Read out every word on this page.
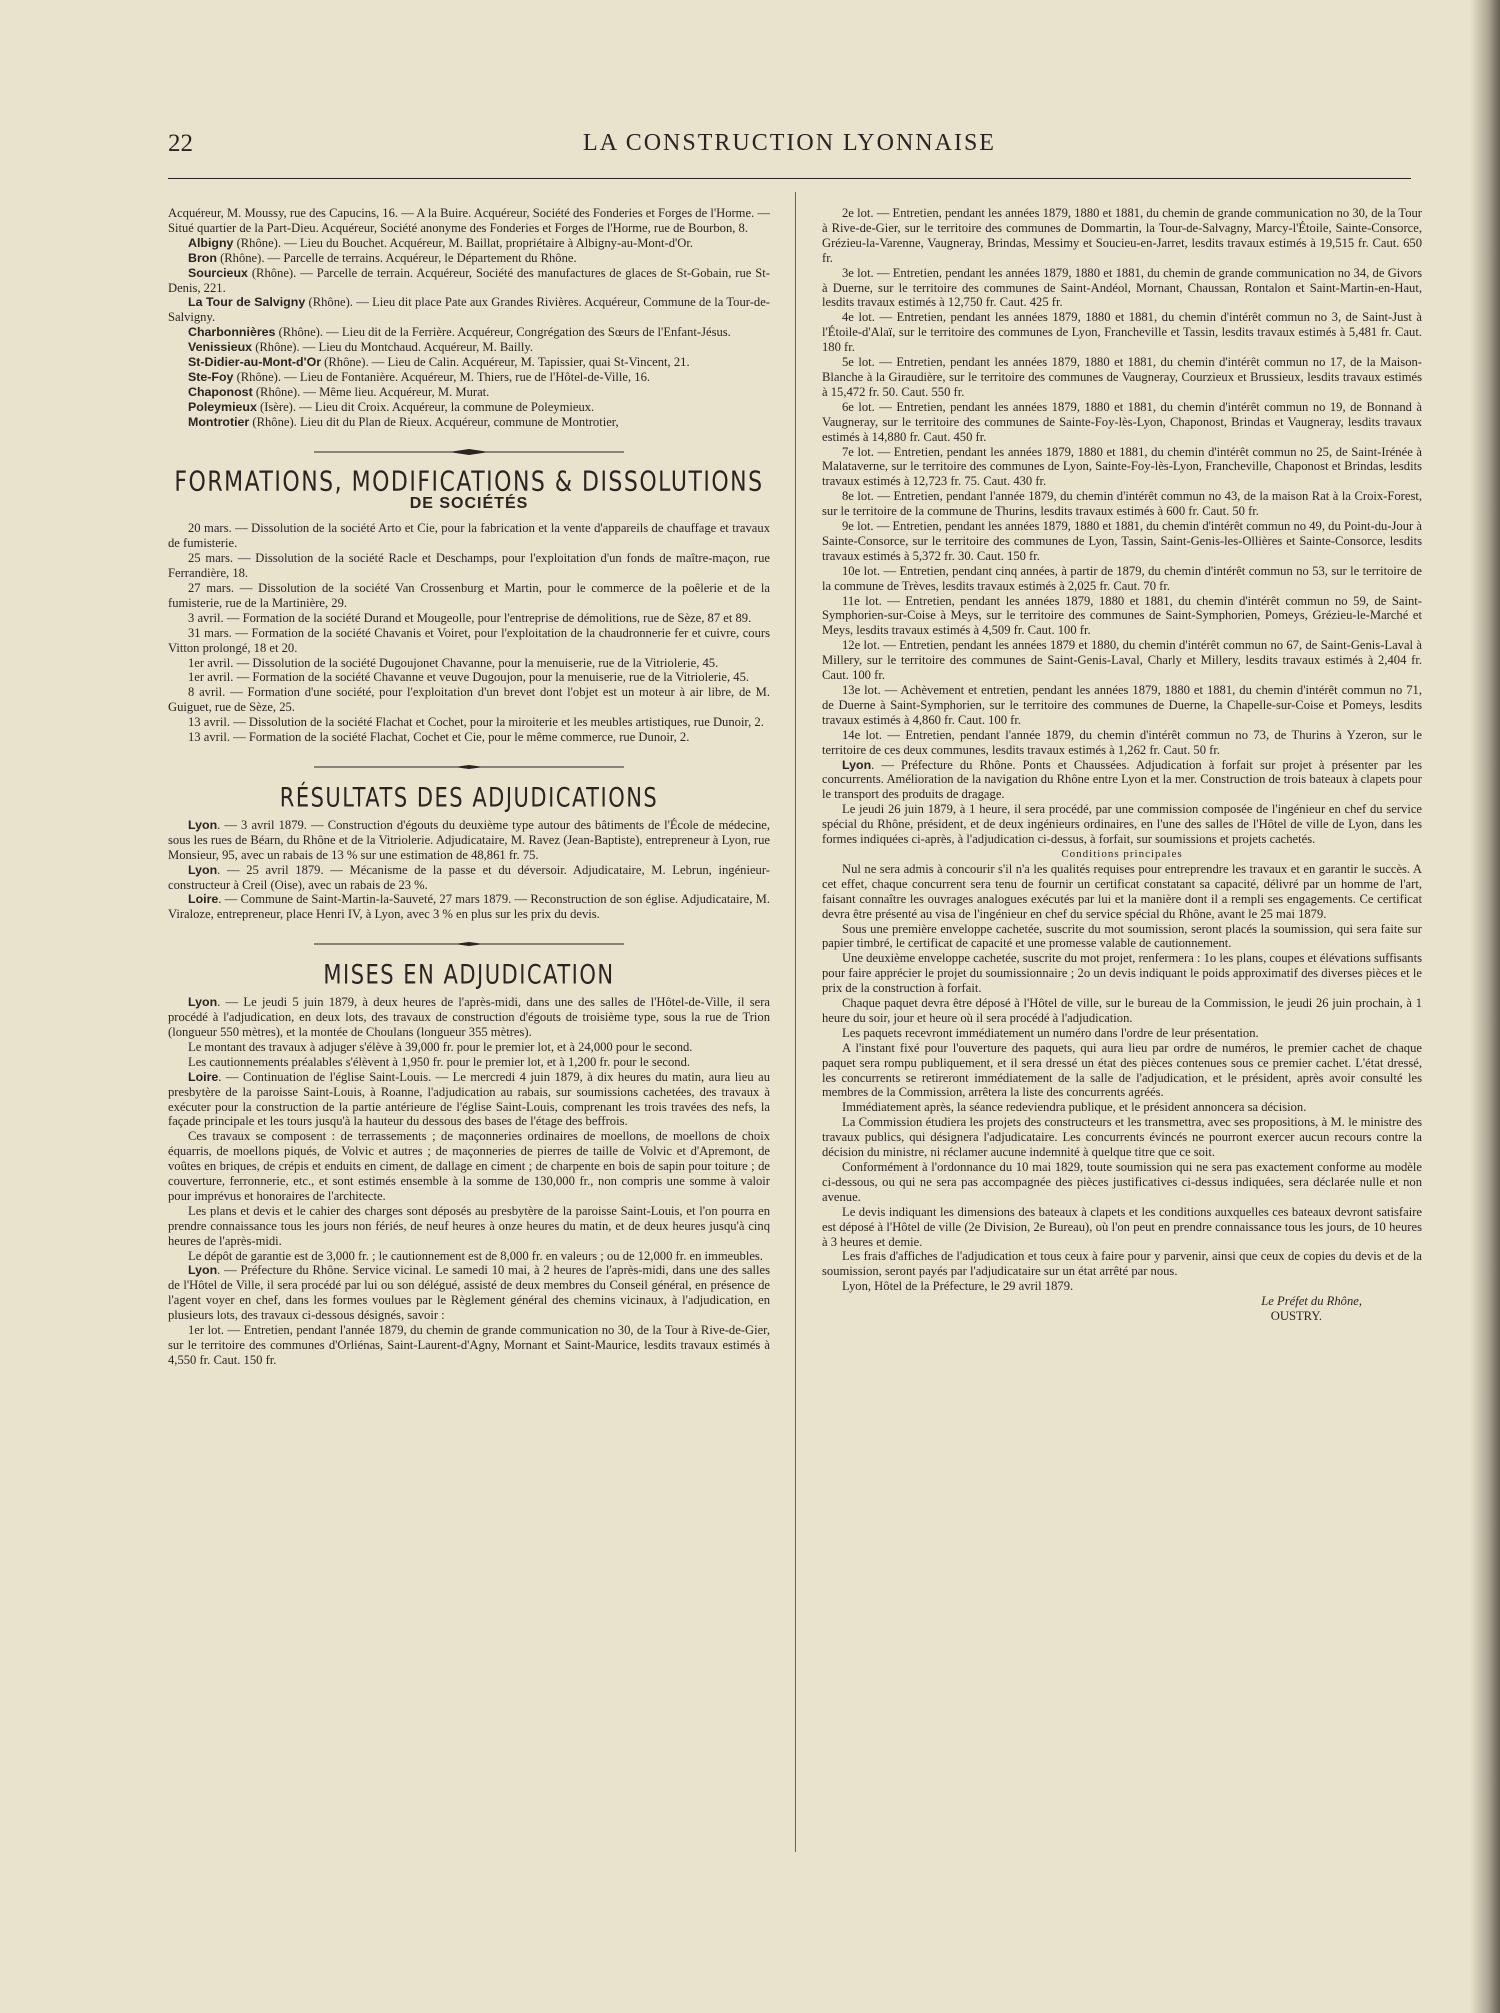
22	LA CONSTRUCTION LYONNAISE

Acquéreur, M. Moussy, rue des Capucins, 16. — A la Buire. Acquéreur, Société des Fonderies et Forges de l'Horme. — Situé quartier de la Part-Dieu. Acquéreur, Société anonyme des Fonderies et Forges de l'Horme, rue de Bourbon, 8.

Albigny (Rhône). — Lieu du Bouchet. Acquéreur, M. Baillat, propriétaire à Albigny-au-Mont-d'Or.

Bron (Rhône). — Parcelle de terrains. Acquéreur, le Département du Rhône.

Sourcieux (Rhône). — Parcelle de terrain. Acquéreur, Société des manufactures de glaces de St-Gobain, rue St-Denis, 221.

La Tour de Salvigny (Rhône). — Lieu dit place Pate aux Grandes Rivières. Acquéreur, Commune de la Tour-de-Salvigny.

Charbonnières (Rhône). — Lieu dit de la Ferrière. Acquéreur, Congrégation des Sœurs de l'Enfant-Jésus.

Venissieux (Rhône). — Lieu du Montchaud. Acquéreur, M. Bailly.

St-Didier-au-Mont-d'Or (Rhône). — Lieu de Calin. Acquéreur, M. Tapissier, quai St-Vincent, 21.

Ste-Foy (Rhône). — Lieu de Fontanière. Acquéreur, M. Thiers, rue de l'Hôtel-de-Ville, 16.

Chaponost (Rhône). — Même lieu. Acquéreur, M. Murat.

Poleymieux (Isère). — Lieu dit Croix. Acquéreur, la commune de Poleymieux.

Montrotier (Rhône). Lieu dit du Plan de Rieux. Acquéreur, commune de Montrotier,

FORMATIONS, MODIFICATIONS & DISSOLUTIONS
DE SOCIÉTÉS

20 mars. — Dissolution de la société Arto et Cie, pour la fabrication et la vente d'appareils de chauffage et travaux de fumisterie.

25 mars. — Dissolution de la société Racle et Deschamps, pour l'exploitation d'un fonds de maître-maçon, rue Ferrandière, 18.

27 mars. — Dissolution de la société Van Crossenburg et Martin, pour le commerce de la poêlerie et de la fumisterie, rue de la Martinière, 29.

3 avril. — Formation de la société Durand et Mougeolle, pour l'entreprise de démolitions, rue de Sèze, 87 et 89.

31 mars. — Formation de la société Chavanis et Voiret, pour l'exploitation de la chaudronnerie fer et cuivre, cours Vitton prolongé, 18 et 20.

1er avril. — Dissolution de la société Dugoujonet Chavanne, pour la menuiserie, rue de la Vitriolerie, 45.

1er avril. — Formation de la société Chavanne et veuve Dugoujon, pour la menuiserie, rue de la Vitriolerie, 45.

8 avril. — Formation d'une société, pour l'exploitation d'un brevet dont l'objet est un moteur à air libre, de M. Guiguet, rue de Sèze, 25.

13 avril. — Dissolution de la société Flachat et Cochet, pour la miroiterie et les meubles artistiques, rue Dunoir, 2.

13 avril. — Formation de la société Flachat, Cochet et Cie, pour le même commerce, rue Dunoir, 2.

RÉSULTATS DES ADJUDICATIONS

Lyon. — 3 avril 1879. — Construction d'égouts du deuxième type autour des bâtiments de l'École de médecine, sous les rues de Béarn, du Rhône et de la Vitriolerie. Adjudicataire, M. Ravez (Jean-Baptiste), entrepreneur à Lyon, rue Monsieur, 95, avec un rabais de 13 % sur une estimation de 48,861 fr. 75.

Lyon. — 25 avril 1879. — Mécanisme de la passe et du déversoir. Adjudicataire, M. Lebrun, ingénieur-constructeur à Creil (Oise), avec un rabais de 23 %.

Loire. — Commune de Saint-Martin-la-Sauveté, 27 mars 1879. — Reconstruction de son église. Adjudicataire, M. Viraloze, entrepreneur, place Henri IV, à Lyon, avec 3 % en plus sur les prix du devis.

MISES EN ADJUDICATION

Lyon. — Le jeudi 5 juin 1879, à deux heures de l'après-midi, dans une des salles de l'Hôtel-de-Ville, il sera procédé à l'adjudication, en deux lots, des travaux de construction d'égouts de troisième type, sous la rue de Trion (longueur 550 mètres), et la montée de Choulans (longueur 355 mètres).

Le montant des travaux à adjuger s'élève à 39,000 fr. pour le premier lot, et à 24,000 pour le second.

Les cautionnements préalables s'élèvent à 1,950 fr. pour le premier lot, et à 1,200 fr. pour le second.

Loire. — Continuation de l'église Saint-Louis. — Le mercredi 4 juin 1879, à dix heures du matin, aura lieu au presbytère de la paroisse Saint-Louis, à Roanne, l'adjudication au rabais, sur soumissions cachetées, des travaux à exécuter pour la construction de la partie antérieure de l'église Saint-Louis, comprenant les trois travées des nefs, la façade principale et les tours jusqu'à la hauteur du dessous des bases de l'étage des beffrois.

Ces travaux se composent : de terrassements ; de maçonneries ordinaires de moellons, de moellons de choix équarris, de moellons piqués, de Volvic et autres ; de maçonneries de pierres de taille de Volvic et d'Apremont, de voûtes en briques, de crépis et enduits en ciment, de dallage en ciment ; de charpente en bois de sapin pour toiture ; de couverture, ferronnerie, etc., et sont estimés ensemble à la somme de 130,000 fr., non compris une somme à valoir pour imprévus et honoraires de l'architecte.

Les plans et devis et le cahier des charges sont déposés au presbytère de la paroisse Saint-Louis, et l'on pourra en prendre connaissance tous les jours non fériés, de neuf heures à onze heures du matin, et de deux heures jusqu'à cinq heures de l'après-midi.

Le dépôt de garantie est de 3,000 fr. ; le cautionnement est de 8,000 fr. en valeurs ; ou de 12,000 fr. en immeubles.

Lyon. — Préfecture du Rhône. Service vicinal. Le samedi 10 mai, à 2 heures de l'après-midi, dans une des salles de l'Hôtel de Ville, il sera procédé par lui ou son délégué, assisté de deux membres du Conseil général, en présence de l'agent voyer en chef, dans les formes voulues par le Règlement général des chemins vicinaux, à l'adjudication, en plusieurs lots, des travaux ci-dessous désignés, savoir :

1er lot. — Entretien, pendant l'année 1879, du chemin de grande communication no 30, de la Tour à Rive-de-Gier, sur le territoire des communes d'Orliénas, Saint-Laurent-d'Agny, Mornant et Saint-Maurice, lesdits travaux estimés à 4,550 fr. Caut. 150 fr.

2e lot. — Entretien, pendant les années 1879, 1880 et 1881, du chemin de grande communication no 30, de la Tour à Rive-de-Gier, sur le territoire des communes de Dommartin, la Tour-de-Salvagny, Marcy-l'Étoile, Sainte-Consorce, Grézieu-la-Varenne, Vaugneray, Brindas, Messimy et Soucieu-en-Jarret, lesdits travaux estimés à 19,515 fr. Caut. 650 fr.

3e lot. — Entretien, pendant les années 1879, 1880 et 1881, du chemin de grande communication no 34, de Givors à Duerne, sur le territoire des communes de Saint-Andéol, Mornant, Chaussan, Rontalon et Saint-Martin-en-Haut, lesdits travaux estimés à 12,750 fr. Caut. 425 fr.

4e lot. — Entretien, pendant les années 1879, 1880 et 1881, du chemin d'intérêt commun no 3, de Saint-Just à l'Étoile-d'Alaï, sur le territoire des communes de Lyon, Francheville et Tassin, lesdits travaux estimés à 5,481 fr. Caut. 180 fr.

5e lot. — Entretien, pendant les années 1879, 1880 et 1881, du chemin d'intérêt commun no 17, de la Maison-Blanche à la Giraudière, sur le territoire des communes de Vaugneray, Courzieux et Brussieux, lesdits travaux estimés à 15,472 fr. 50. Caut. 550 fr.

6e lot. — Entretien, pendant les années 1879, 1880 et 1881, du chemin d'intérêt commun no 19, de Bonnand à Vaugneray, sur le territoire des communes de Sainte-Foy-lès-Lyon, Chaponost, Brindas et Vaugneray, lesdits travaux estimés à 14,880 fr. Caut. 450 fr.

7e lot. — Entretien, pendant les années 1879, 1880 et 1881, du chemin d'intérêt commun no 25, de Saint-Irénée à Malataverne, sur le territoire des communes de Lyon, Sainte-Foy-lès-Lyon, Francheville, Chaponost et Brindas, lesdits travaux estimés à 12,723 fr. 75. Caut. 430 fr.

8e lot. — Entretien, pendant l'année 1879, du chemin d'intérêt commun no 43, de la maison Rat à la Croix-Forest, sur le territoire de la commune de Thurins, lesdits travaux estimés à 600 fr. Caut. 50 fr.

9e lot. — Entretien, pendant les années 1879, 1880 et 1881, du chemin d'intérêt commun no 49, du Point-du-Jour à Sainte-Consorce, sur le territoire des communes de Lyon, Tassin, Saint-Genis-les-Ollières et Sainte-Consorce, lesdits travaux estimés à 5,372 fr. 30. Caut. 150 fr.

10e lot. — Entretien, pendant cinq années, à partir de 1879, du chemin d'intérêt commun no 53, sur le territoire de la commune de Trèves, lesdits travaux estimés à 2,025 fr. Caut. 70 fr.

11e lot. — Entretien, pendant les années 1879, 1880 et 1881, du chemin d'intérêt commun no 59, de Saint-Symphorien-sur-Coise à Meys, sur le territoire des communes de Saint-Symphorien, Pomeys, Grézieu-le-Marché et Meys, lesdits travaux estimés à 4,509 fr. Caut. 100 fr.

12e lot. — Entretien, pendant les années 1879 et 1880, du chemin d'intérêt commun no 67, de Saint-Genis-Laval à Millery, sur le territoire des communes de Saint-Genis-Laval, Charly et Millery, lesdits travaux estimés à 2,404 fr. Caut. 100 fr.

13e lot. — Achèvement et entretien, pendant les années 1879, 1880 et 1881, du chemin d'intérêt commun no 71, de Duerne à Saint-Symphorien, sur le territoire des communes de Duerne, la Chapelle-sur-Coise et Pomeys, lesdits travaux estimés à 4,860 fr. Caut. 100 fr.

14e lot. — Entretien, pendant l'année 1879, du chemin d'intérêt commun no 73, de Thurins à Yzeron, sur le territoire de ces deux communes, lesdits travaux estimés à 1,262 fr. Caut. 50 fr.

Lyon. — Préfecture du Rhône. Ponts et Chaussées. Adjudication à forfait sur projet à présenter par les concurrents. Amélioration de la navigation du Rhône entre Lyon et la mer. Construction de trois bateaux à clapets pour le transport des produits de dragage.

Le jeudi 26 juin 1879, à 1 heure, il sera procédé, par une commission composée de l'ingénieur en chef du service spécial du Rhône, président, et de deux ingénieurs ordinaires, en l'une des salles de l'Hôtel de ville de Lyon, dans les formes indiquées ci-après, à l'adjudication ci-dessus, à forfait, sur soumissions et projets cachetés.

Conditions principales

Nul ne sera admis à concourir s'il n'a les qualités requises pour entreprendre les travaux et en garantir le succès. A cet effet, chaque concurrent sera tenu de fournir un certificat constatant sa capacité, délivré par un homme de l'art, faisant connaître les ouvrages analogues exécutés par lui et la manière dont il a rempli ses engagements. Ce certificat devra être présenté au visa de l'ingénieur en chef du service spécial du Rhône, avant le 25 mai 1879.

Sous une première enveloppe cachetée, suscrite du mot soumission, seront placés la soumission, qui sera faite sur papier timbré, le certificat de capacité et une promesse valable de cautionnement.

Une deuxième enveloppe cachetée, suscrite du mot projet, renfermera : 1o les plans, coupes et élévations suffisants pour faire apprécier le projet du soumissionnaire ; 2o un devis indiquant le poids approximatif des diverses pièces et le prix de la construction à forfait.

Chaque paquet devra être déposé à l'Hôtel de ville, sur le bureau de la Commission, le jeudi 26 juin prochain, à 1 heure du soir, jour et heure où il sera procédé à l'adjudication.

Les paquets recevront immédiatement un numéro dans l'ordre de leur présentation.

A l'instant fixé pour l'ouverture des paquets, qui aura lieu par ordre de numéros, le premier cachet de chaque paquet sera rompu publiquement, et il sera dressé un état des pièces contenues sous ce premier cachet. L'état dressé, les concurrents se retireront immédiatement de la salle de l'adjudication, et le président, après avoir consulté les membres de la Commission, arrêtera la liste des concurrents agréés.

Immédiatement après, la séance redeviendra publique, et le président annoncera sa décision.

La Commission étudiera les projets des constructeurs et les transmettra, avec ses propositions, à M. le ministre des travaux publics, qui désignera l'adjudicataire. Les concurrents évincés ne pourront exercer aucun recours contre la décision du ministre, ni réclamer aucune indemnité à quelque titre que ce soit.

Conformément à l'ordonnance du 10 mai 1829, toute soumission qui ne sera pas exactement conforme au modèle ci-dessous, ou qui ne sera pas accompagnée des pièces justificatives ci-dessus indiquées, sera déclarée nulle et non avenue.

Le devis indiquant les dimensions des bateaux à clapets et les conditions auxquelles ces bateaux devront satisfaire est déposé à l'Hôtel de ville (2e Division, 2e Bureau), où l'on peut en prendre connaissance tous les jours, de 10 heures à 3 heures et demie.

Les frais d'affiches de l'adjudication et tous ceux à faire pour y parvenir, ainsi que ceux de copies du devis et de la soumission, seront payés par l'adjudicataire sur un état arrêté par nous.

Lyon, Hôtel de la Préfecture, le 29 avril 1879.

Le Préfet du Rhône,

OUSTRY.
